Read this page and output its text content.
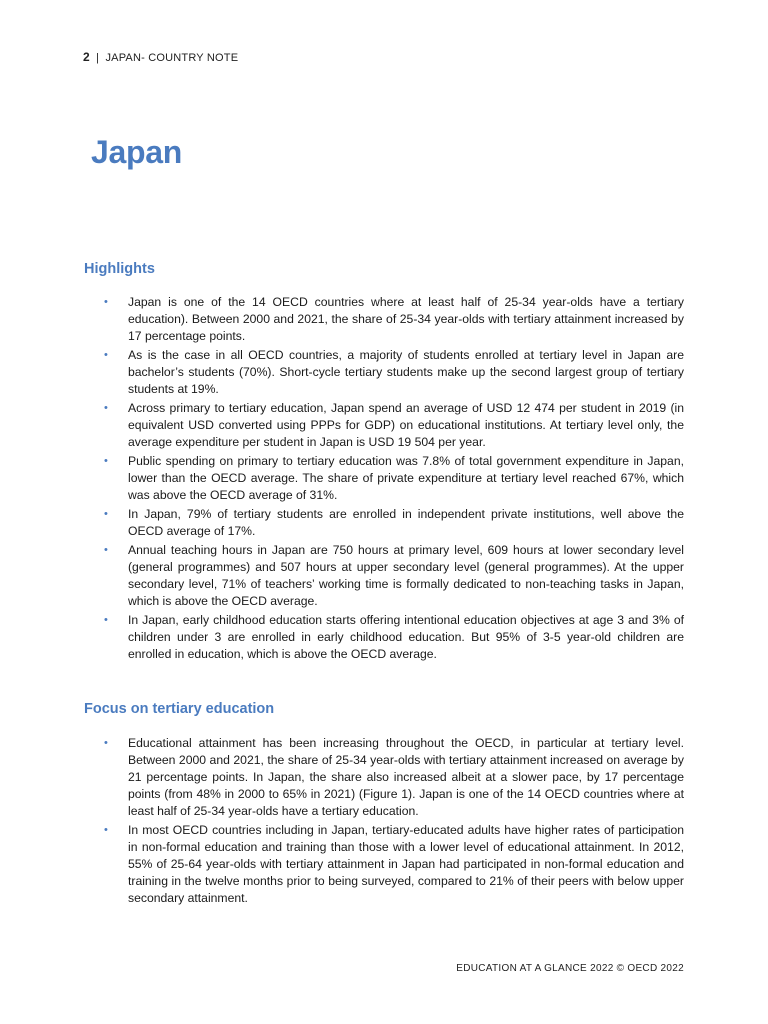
2 | JAPAN- COUNTRY NOTE
Japan
Highlights
• Japan is one of the 14 OECD countries where at least half of 25-34 year-olds have a tertiary education). Between 2000 and 2021, the share of 25-34 year-olds with tertiary attainment increased by 17 percentage points.
• As is the case in all OECD countries, a majority of students enrolled at tertiary level in Japan are bachelor’s students (70%). Short-cycle tertiary students make up the second largest group of tertiary students at 19%.
• Across primary to tertiary education, Japan spend an average of USD 12 474 per student in 2019 (in equivalent USD converted using PPPs for GDP) on educational institutions. At tertiary level only, the average expenditure per student in Japan is USD 19 504 per year.
• Public spending on primary to tertiary education was 7.8% of total government expenditure in Japan, lower than the OECD average. The share of private expenditure at tertiary level reached 67%, which was above the OECD average of 31%.
• In Japan, 79% of tertiary students are enrolled in independent private institutions, well above the OECD average of 17%.
• Annual teaching hours in Japan are 750 hours at primary level, 609 hours at lower secondary level (general programmes) and 507 hours at upper secondary level (general programmes). At the upper secondary level, 71% of teachers’ working time is formally dedicated to non-teaching tasks in Japan, which is above the OECD average.
• In Japan, early childhood education starts offering intentional education objectives at age 3 and 3% of children under 3 are enrolled in early childhood education. But 95% of 3-5 year-old children are enrolled in education, which is above the OECD average.
Focus on tertiary education
• Educational attainment has been increasing throughout the OECD, in particular at tertiary level. Between 2000 and 2021, the share of 25-34 year-olds with tertiary attainment increased on average by 21 percentage points. In Japan, the share also increased albeit at a slower pace, by 17 percentage points (from 48% in 2000 to 65% in 2021) (Figure 1). Japan is one of the 14 OECD countries where at least half of 25-34 year-olds have a tertiary education.
• In most OECD countries including in Japan, tertiary-educated adults have higher rates of participation in non-formal education and training than those with a lower level of educational attainment. In 2012, 55% of 25-64 year-olds with tertiary attainment in Japan had participated in non-formal education and training in the twelve months prior to being surveyed, compared to 21% of their peers with below upper secondary attainment.
EDUCATION AT A GLANCE 2022 © OECD 2022
